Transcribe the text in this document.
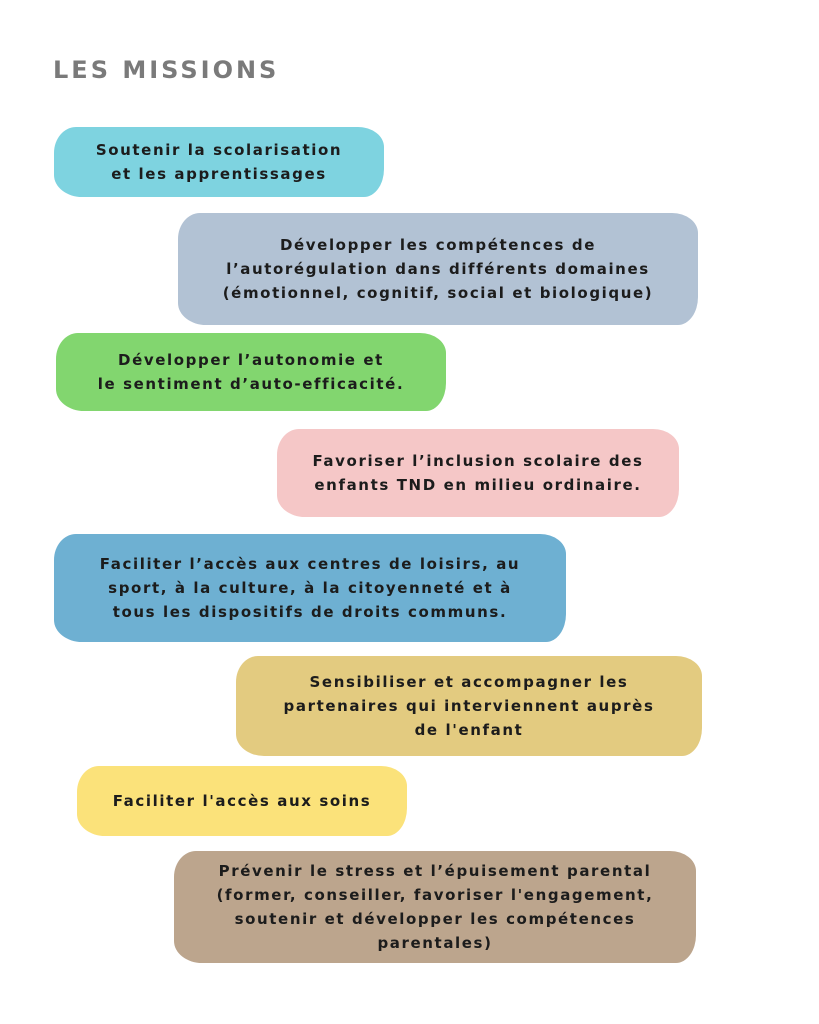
LES MISSIONS
Soutenir la scolarisation
et les apprentissages
Développer les compétences de
l’autorégulation dans différents domaines
(émotionnel, cognitif, social et biologique)
Développer l’autonomie et
le sentiment d’auto-efficacité.
Favoriser l’inclusion scolaire des
enfants TND en milieu ordinaire.
Faciliter l’accès aux centres de loisirs, au
sport, à la culture, à la citoyenneté et à
tous les dispositifs de droits communs.
Sensibiliser et accompagner les
partenaires qui interviennent auprès
de l'enfant
Faciliter l'accès aux soins
Prévenir le stress et l’épuisement parental
(former, conseiller, favoriser l'engagement,
soutenir et développer les compétences
parentales)
